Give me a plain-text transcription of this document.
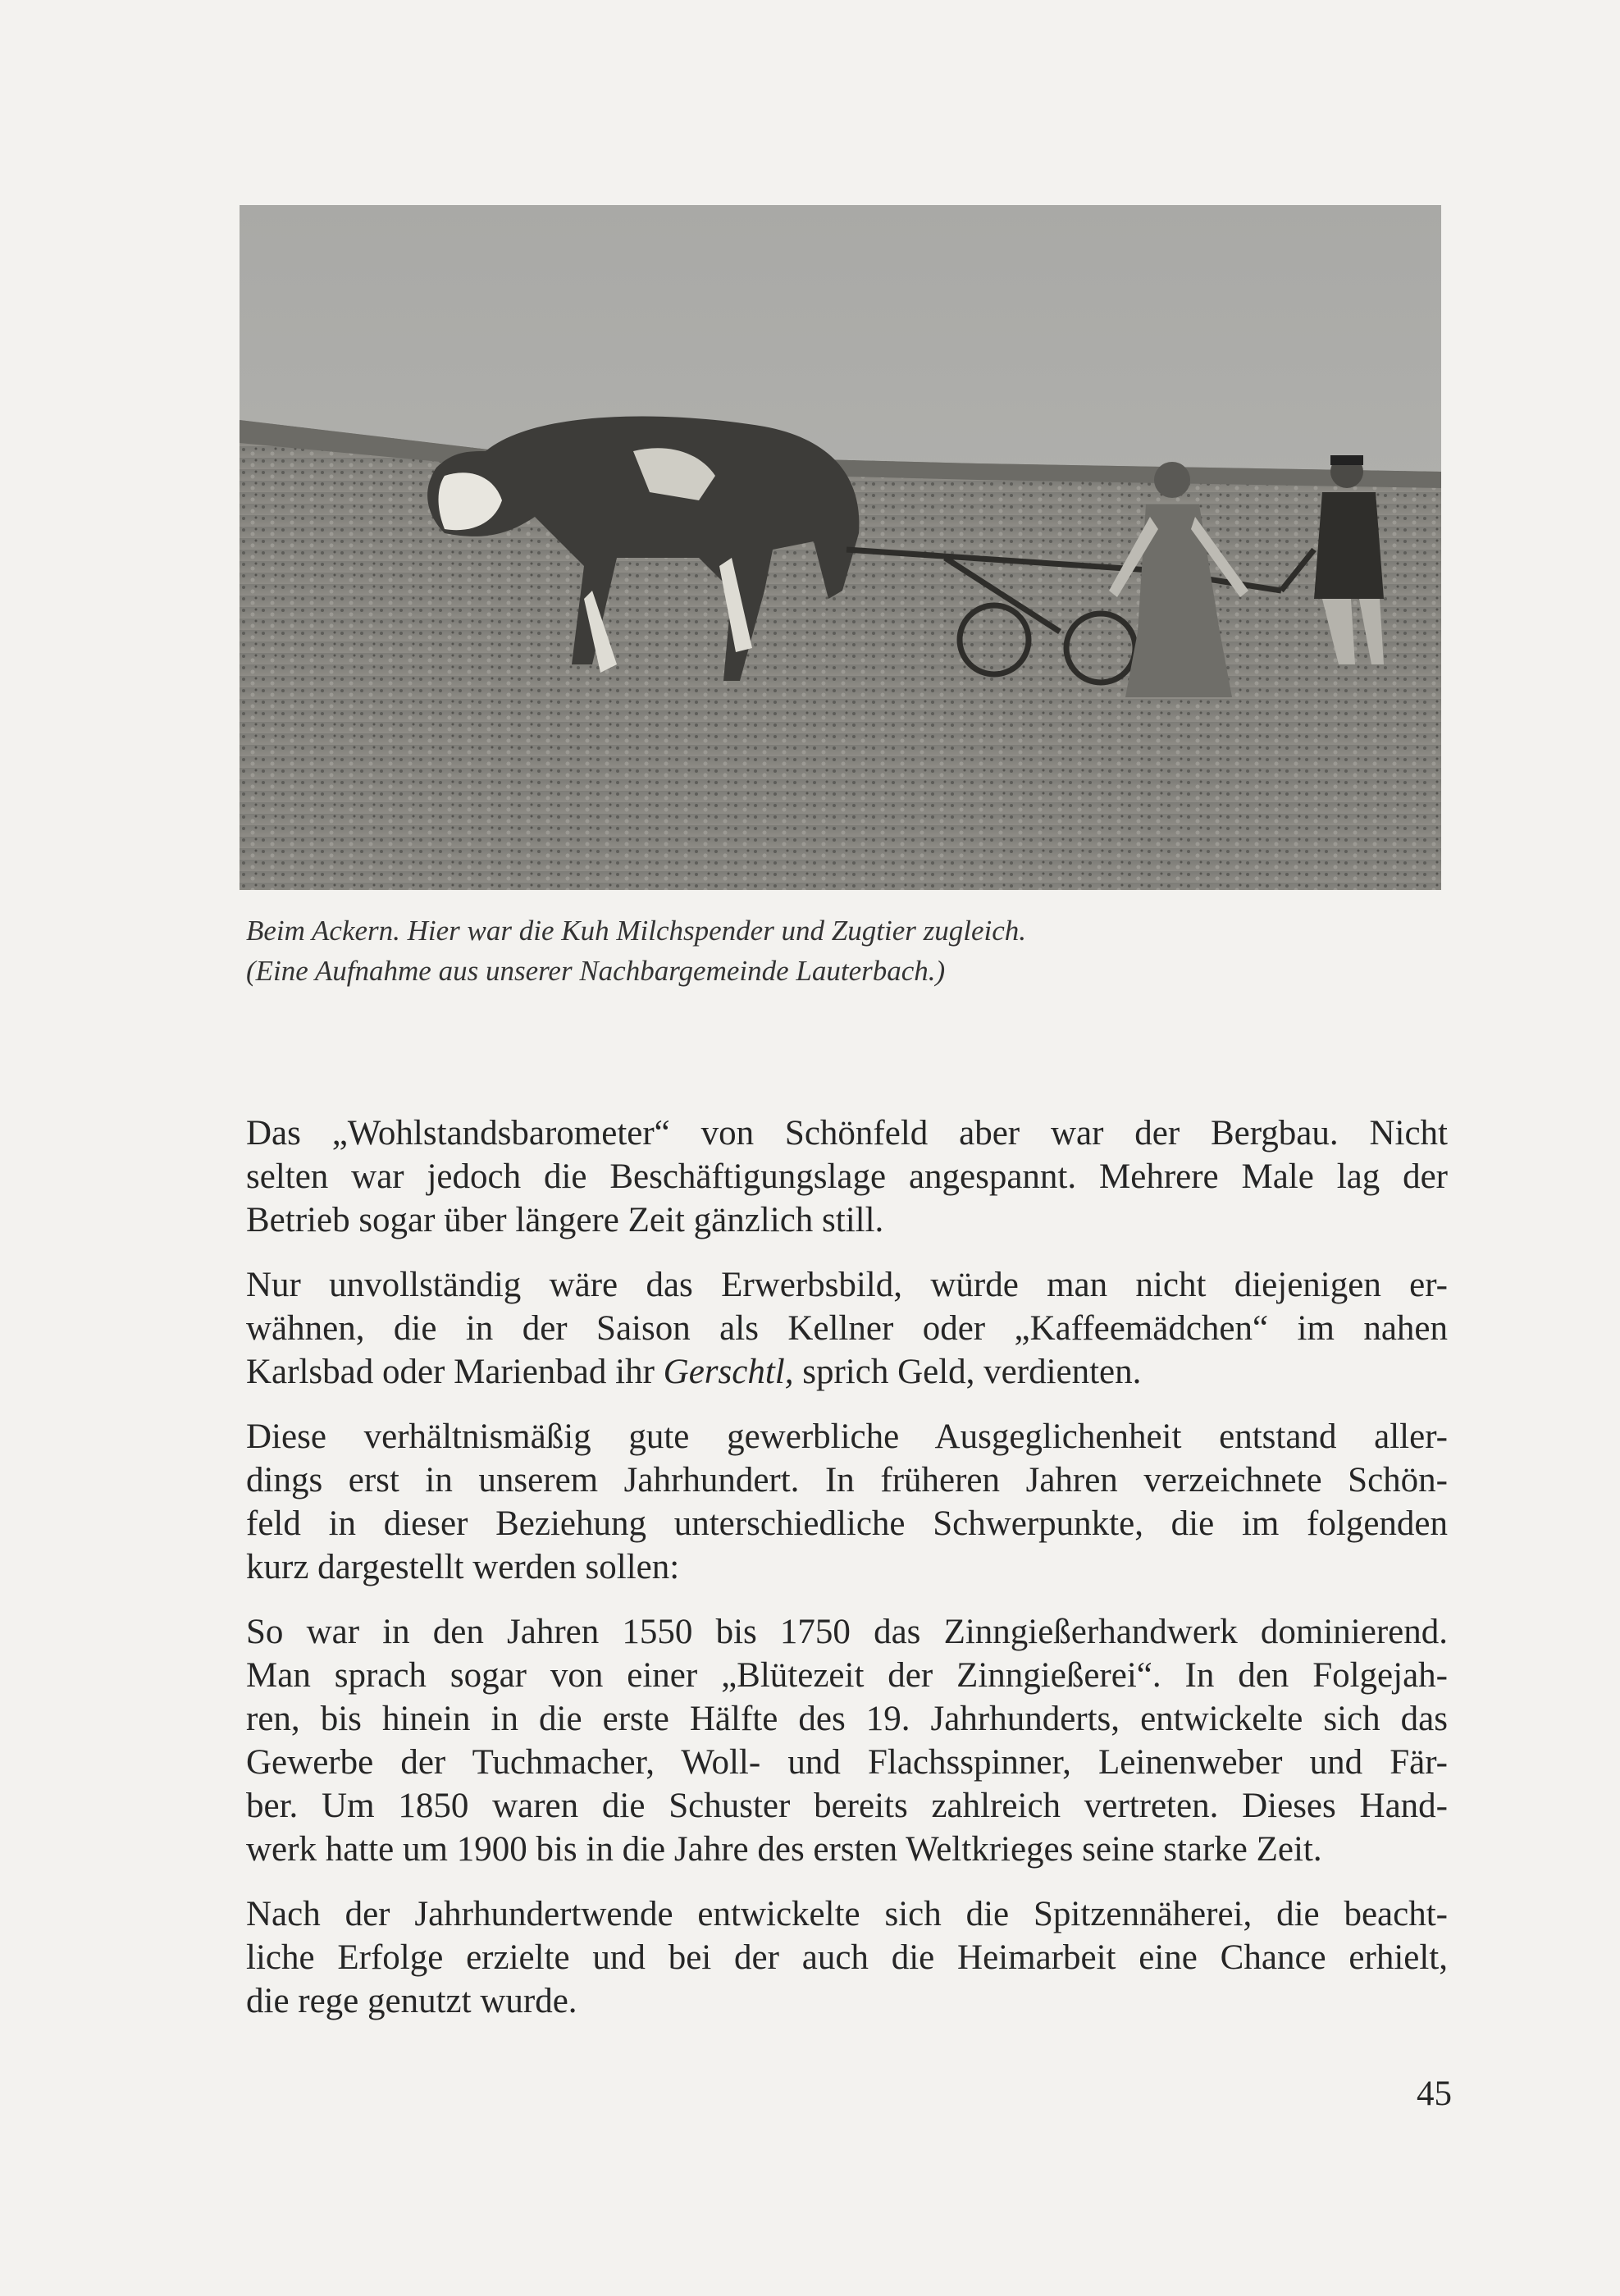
Beim Ackern. Hier war die Kuh Milchspender und Zugtier zugleich.
(Eine Aufnahme aus unserer Nachbargemeinde Lauterbach.)

Das „Wohlstandsbarometer“ von Schönfeld aber war der Bergbau. Nicht
selten war jedoch die Beschäftigungslage angespannt. Mehrere Male lag der
Betrieb sogar über längere Zeit gänzlich still.

Nur unvollständig wäre das Erwerbsbild, würde man nicht diejenigen er-
wähnen, die in der Saison als Kellner oder „Kaffeemädchen“ im nahen
Karlsbad oder Marienbad ihr Gerschtl, sprich Geld, verdienten.

Diese verhältnismäßig gute gewerbliche Ausgeglichenheit entstand aller-
dings erst in unserem Jahrhundert. In früheren Jahren verzeichnete Schön-
feld in dieser Beziehung unterschiedliche Schwerpunkte, die im folgenden
kurz dargestellt werden sollen:

So war in den Jahren 1550 bis 1750 das Zinngießerhandwerk dominierend.
Man sprach sogar von einer „Blütezeit der Zinngießerei“. In den Folgejah-
ren, bis hinein in die erste Hälfte des 19. Jahrhunderts, entwickelte sich das
Gewerbe der Tuchmacher, Woll- und Flachsspinner, Leinenweber und Fär-
ber. Um 1850 waren die Schuster bereits zahlreich vertreten. Dieses Hand-
werk hatte um 1900 bis in die Jahre des ersten Weltkrieges seine starke Zeit.

Nach der Jahrhundertwende entwickelte sich die Spitzennäherei, die beacht-
liche Erfolge erzielte und bei der auch die Heimarbeit eine Chance erhielt,
die rege genutzt wurde.

45
